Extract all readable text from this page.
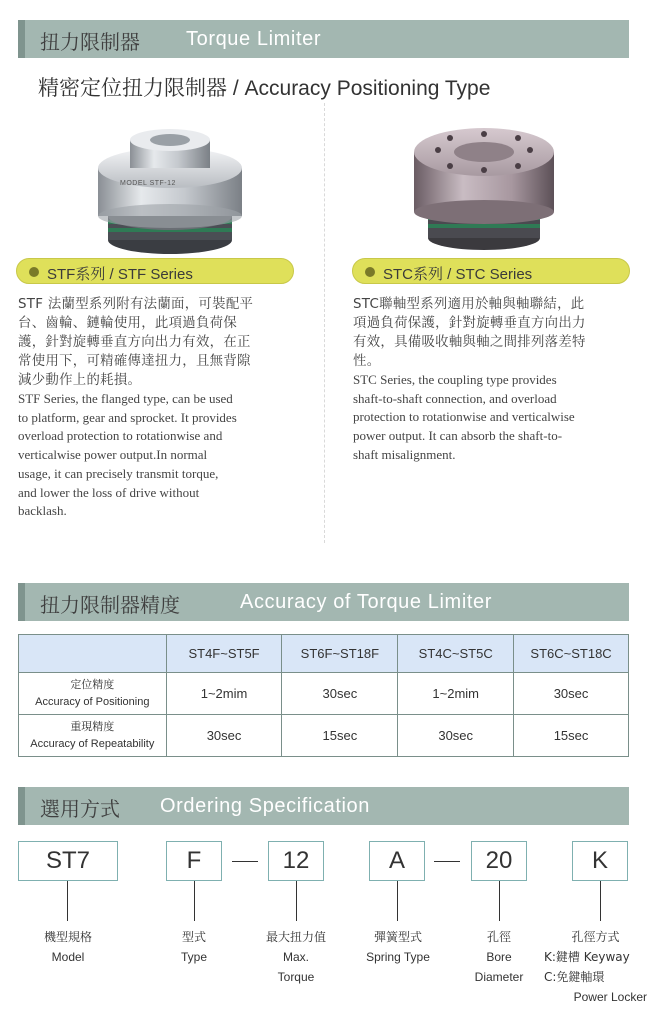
扭力限制器 Torque Limiter
精密定位扭力限制器 / Accuracy Positioning Type
MODEL STF-12
STF系列 / STF Series	STC系列 / STC Series
STF 法蘭型系列附有法蘭面，可裝配平
台、齒輪、鏈輪使用，此項過負荷保
護，針對旋轉垂直方向出力有效，在正
常使用下，可精確傳達扭力，且無背隙
減少動作上的耗損。
STF Series, the flanged type, can be used
to platform, gear and sprocket. It provides
overload protection to rotationwise and
verticalwise power output.In normal
usage, it can precisely transmit torque,
and lower the loss of drive without
backlash.
STC聯軸型系列適用於軸與軸聯結，此
項過負荷保護，針對旋轉垂直方向出力
有效，具備吸收軸與軸之間排列落差特
性。
STC Series, the coupling type provides
shaft-to-shaft connection, and overload
protection to rotationwise and verticalwise
power output. It can absorb the shaft-to-
shaft misalignment.
扭力限制器精度	Accuracy of Torque Limiter
	ST4F~ST5F	ST6F~ST18F	ST4C~ST5C	ST6C~ST18C

定位精度
Accuracy of Positioning	1~2mim	30sec	1~2mim	30sec

重現精度
Accuracy of Repeatability	30sec	15sec	30sec	15sec
選用方式 Ordering Specification
ST7	F	12	A	20	K
機型規格
Model
型式
Type
最大扭力值
Max.
Torque
彈簧型式
Spring Type
孔徑
Bore
Diameter
孔徑方式
K:鍵槽 Keyway
C:免鍵軸環
Power Locker
